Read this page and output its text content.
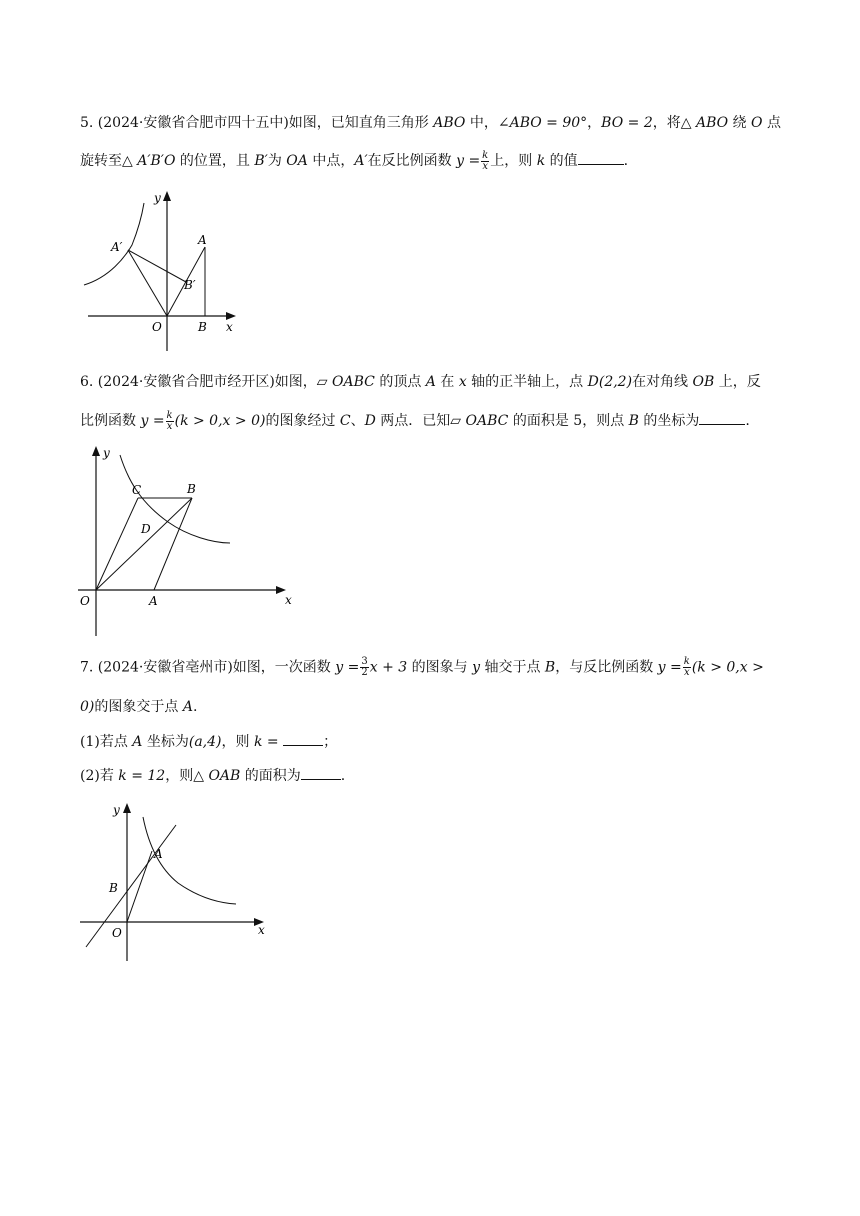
5. (2024·安徽省合肥市四十五中)如图，已知直角三角形 ABO 中，∠ABO = 90°，BO = 2，将△ ABO 绕 O 点
旋转至△ A′B′O 的位置，且 B′为 OA 中点，A′在反比例函数 $y = \frac{k}{x}$ 上，则 k 的值	.
y
x
O
A
B
A′
B′
6. (2024·安徽省合肥市经开区)如图，▱ OABC 的顶点 A 在 x 轴的正半轴上，点 D(2,2)在对角线 OB 上，反
比例函数 $y = \frac{k}{x} (k > 0,x > 0)$的图象经过 C、D 两点．已知▱ OABC 的面积是 5，则点 B 的坐标为	.
y
x
O	A
B
C
D
7. (2024·安徽省亳州市)如图，一次函数 $y = \frac{3}{2}$ x + 3 的图象与 y 轴交于点 B，与反比例函数 $y = \frac{k}{x} (k > 0,x$ >
0)的图象交于点 A.
(1)若点 A 坐标为(a,4)，则 k =	；
(2)若 k = 12，则△ OAB 的面积为	.
y
x
O
A
B
